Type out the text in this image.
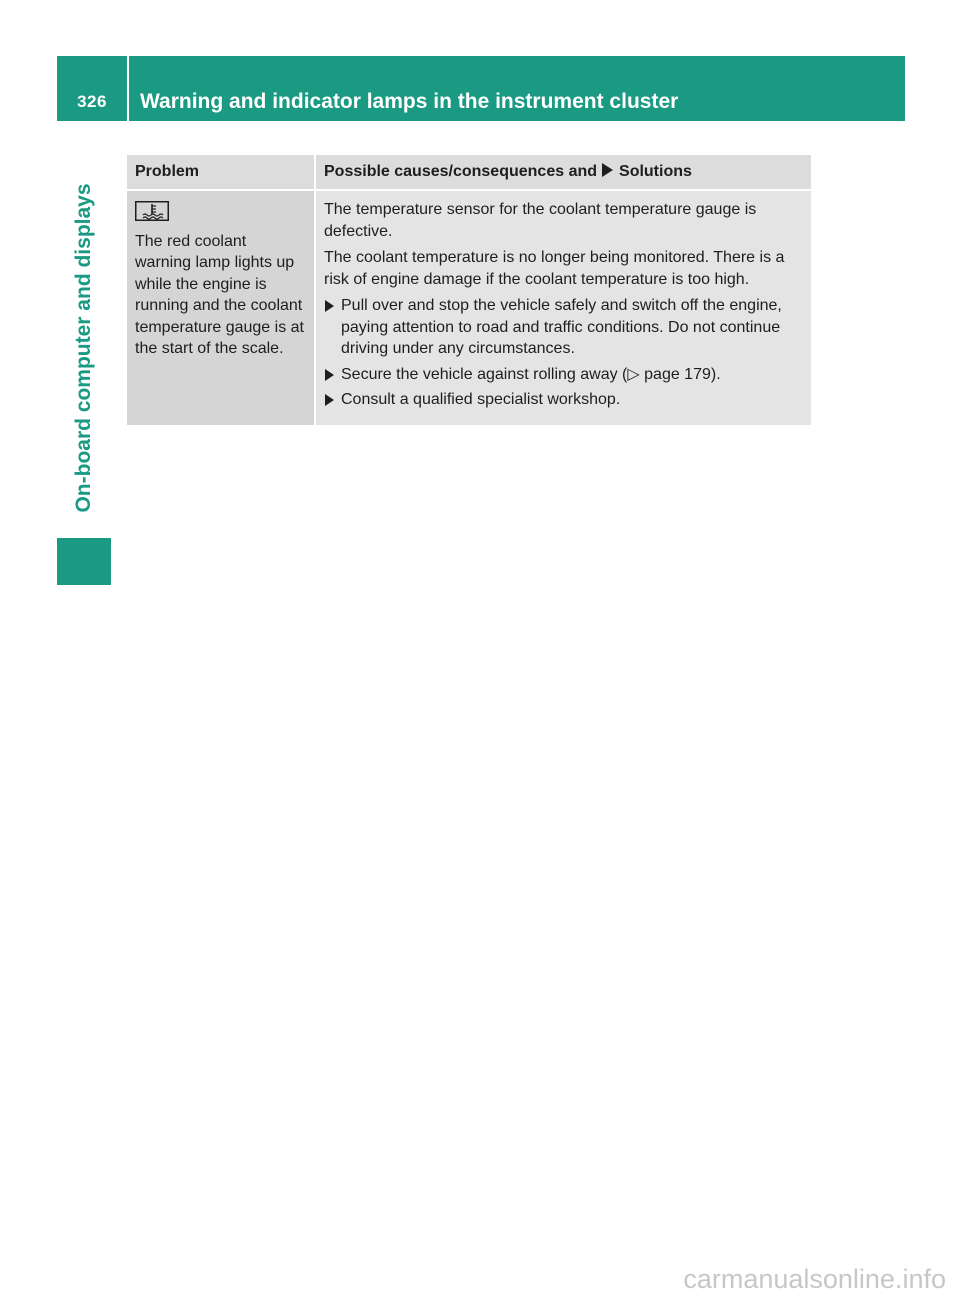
326	Warning and indicator lamps in the instrument cluster
On-board computer and displays
Problem	Possible causes/consequences and Solutions

The red coolant warning lamp lights up while the engine is running and the coolant temperature gauge is at the start of the scale.	The temperature sensor for the coolant temperature gauge is defective.

The coolant temperature is no longer being monitored. There is a risk of engine damage if the coolant temperature is too high.

Pull over and stop the vehicle safely and switch off the engine, paying attention to road and traffic conditions. Do not continue driving under any circumstances.
Secure the vehicle against rolling away (▷ page 179).
Consult a qualified specialist workshop.
carmanualsonline.info
